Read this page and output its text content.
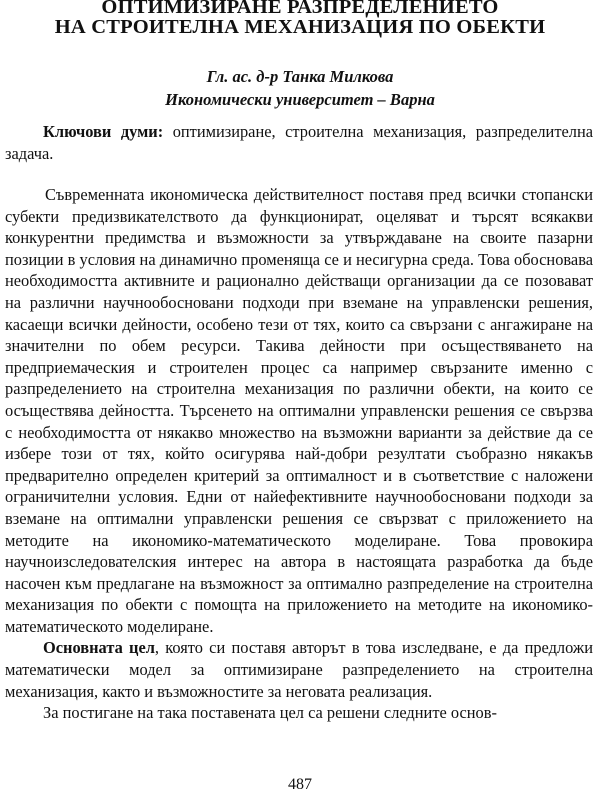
ОПТИМИЗИРАНЕ РАЗПРЕДЕЛЕНИЕТО
НА СТРОИТЕЛНА МЕХАНИЗАЦИЯ ПО ОБЕКТИ
Гл. ас. д-р Танка Милкова
Икономически университет – Варна
Ключови думи: оптимизиране, строителна механизация, разпределителна задача.

Съвременната икономическа действителност поставя пред всички стопански субекти предизвикателството да функционират, оцеляват и търсят всякакви конкурентни предимства и възможности за утвърждаване на своите пазарни позиции в условия на динамично променяща се и несигурна среда. Това обосновава необходимостта активните и рационално действащи организации да се позовават на различни научнообосновани подходи при вземане на управленски решения, касаещи всички дейности, особено тези от тях, които са свързани с ангажиране на значителни по обем ресурси. Такива дейности при осъществяването на предприемаческия и строителен процес са например свързаните именно с разпределението на строителна механизация по различни обекти, на които се осъществява дейността. Търсенето на оптимални управленски решения се свързва с необходимостта от някакво множество на възможни варианти за действие да се избере този от тях, който осигурява най-добри резултати съобразно някакъв предварително определен критерий за оптималност и в съответствие с наложени ограничителни условия. Едни от найефективните научнообосновани подходи за вземане на оптимални управленски решения се свързват с приложението на методите на икономико-математическото моделиране. Това провокира научноизследователския интерес на автора в настоящата разработка да бъде насочен към предлагане на възможност за оптимално разпределение на строителна механизация по обекти с помощта на приложението на методите на икономико-математическото моделиране.

Основната цел, която си поставя авторът в това изследване, е да предложи математически модел за оптимизиране разпределението на строителна механизация, както и възможностите за неговата реализация.

За постигане на така поставената цел са решени следните основ-

487
